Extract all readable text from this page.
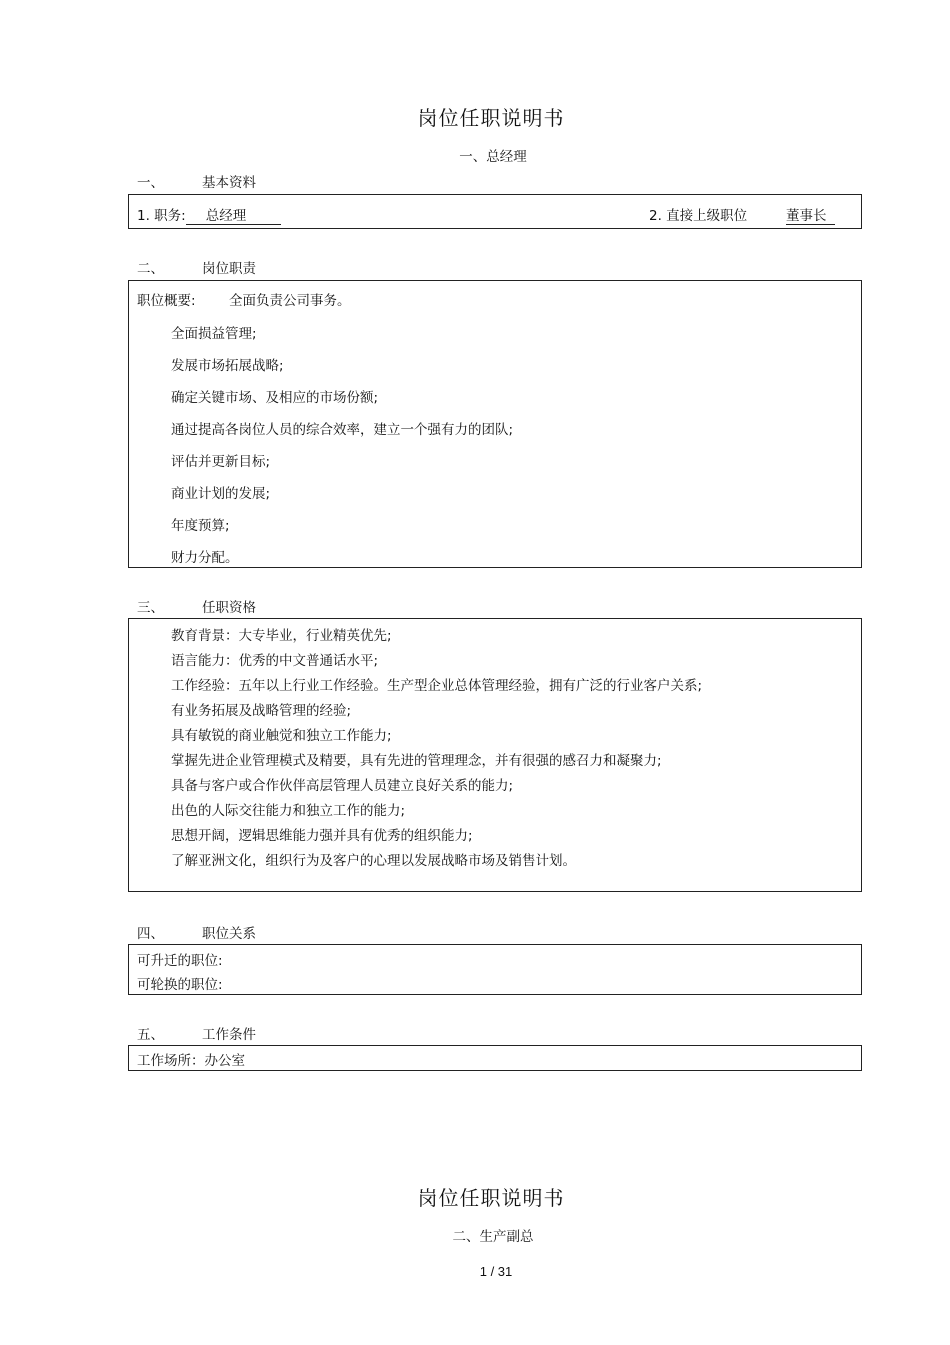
岗位任职说明书
一、总经理
一、	基本资料
1. 职务: 总经理	2. 直接上级职位	董事长
二、	岗位职责
职位概要: 全面负责公司事务。
全面损益管理;
发展市场拓展战略;
确定关键市场、及相应的市场份额;
通过提高各岗位人员的综合效率，建立一个强有力的团队;
评估并更新目标;
商业计划的发展;
年度预算;
财力分配。
三、	任职资格
教育背景：大专毕业，行业精英优先;
语言能力：优秀的中文普通话水平;
工作经验：五年以上行业工作经验。生产型企业总体管理经验，拥有广泛的行业客户关系;
有业务拓展及战略管理的经验;
具有敏锐的商业触觉和独立工作能力;
掌握先进企业管理模式及精要，具有先进的管理理念，并有很强的感召力和凝聚力;
具备与客户或合作伙伴高层管理人员建立良好关系的能力;
出色的人际交往能力和独立工作的能力;
思想开阔，逻辑思维能力强并具有优秀的组织能力;
了解亚洲文化，组织行为及客户的心理以发展战略市场及销售计划。
四、	职位关系
可升迁的职位:
可轮换的职位:
五、	工作条件
工作场所：办公室
岗位任职说明书
二、生产副总
1 / 31
